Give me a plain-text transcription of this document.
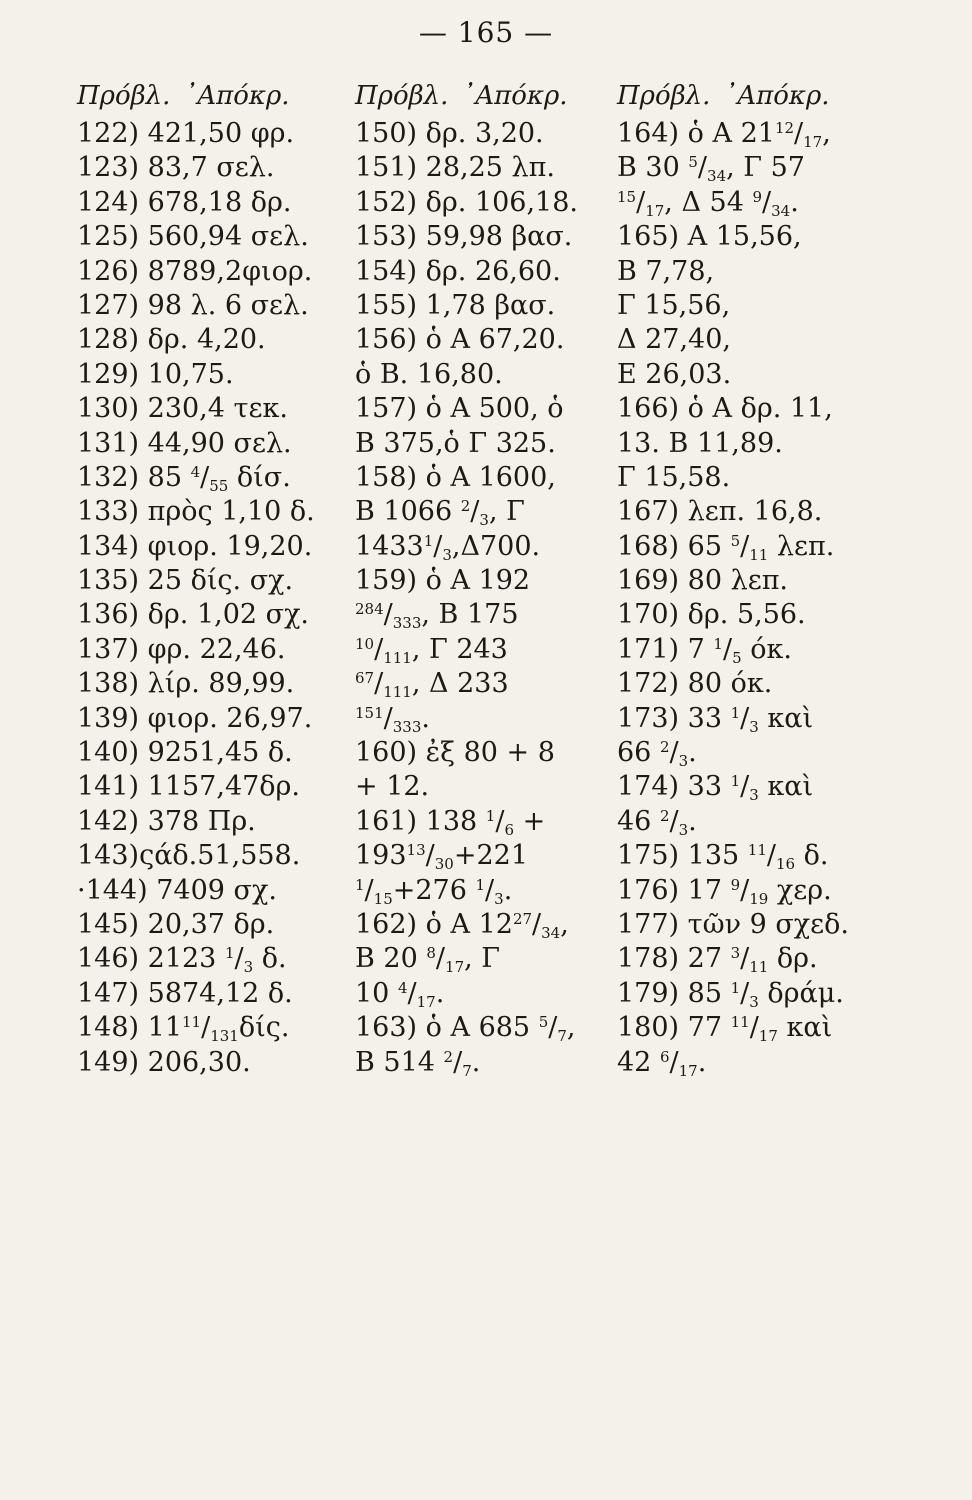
— 165 —
Πρόβλ. ᾿Απόκρ.
122) 421,50 φρ.
123) 83,7 σελ.
124) 678,18 δρ.
125) 560,94 σελ.
126) 8789,2φιορ.
127) 98 λ. 6 σελ.
128) δρ. 4,20.
129) 10,75.
130) 230,4 τεκ.
131) 44,90 σελ.
132) 85 $^4/_{55}$ δίσ.
133) πρὸς 1,10 δ.
134) φιορ. 19,20.
135) 25 δίς. σχ.
136) δρ. 1,02 σχ.
137) φρ. 22,46.
138) λίρ. 89,99.
139) φιορ. 26,97.
140) 9251,45 δ.
141) 1157,47δρ.
142) 378 Πρ.
143)ςάδ.51,558.
·144) 7409 σχ.
145) 20,37 δρ.
146) 2123 $^1/_3$ δ.
147) 5874,12 δ.
148) $11^{11}/_{131}\delta ί\varsigma$.
149) 206,30.
Πρόβλ. ᾿Απόκρ.
150) δρ. 3,20.
151) 28,25 λπ.
152) δρ. 106,18.
153) 59,98 βασ.
154) δρ. 26,60.
155) 1,78 βασ.
156) ὁ Α 67,20.
ὁ Β. 16,80.
157) ὁ Α 500, ὁ
Β 375,ὁ Γ 325.
158) ὁ Α 1600,
Β 1066 $^2/_3$, Γ
$1433^1/_3,\Delta 700$.
159) ὁ Α 192
$^{284}/_{333}$, Β 175
$^{10}/_{111}$, Γ 243
$^{67}/_{111}$, Δ 233
$^{151}/_{333}$.
160) ἐξ 80 + 8
+ 12.
161) 138 $^1/_6$ +
$193^{13}/_{30}+221$
$^1/_{15}+276$ $^1/_3$.
162) ὁ Α $12^{27}/_{34}$,
Β 20 $^8/_{17}$, Γ
10 $^4/_{17}$.
163) ὁ Α 685 $^5/_7$,
Β 514 $^2/_7$.
Πρόβλ. ᾿Απόκρ.
164) ὁ Α $21^{12}/_{17}$,
Β 30 $^5/_{34}$, Γ 57
$^{15}/_{17}$, Δ 54 $^9/_{34}$.
165) Α 15,56,
Β 7,78,
Γ 15,56,
Δ 27,40,
Ε 26,03.
166) ὁ Α δρ. 11,
13. Β 11,89.
Γ 15,58.
167) λεπ. 16,8.
168) 65 $^5/_{11}$ λεπ.
169) 80 λεπ.
170) δρ. 5,56.
171) 7 $^1/_5$ όκ.
172) 80 όκ.
173) 33 $^1/_3$ καὶ
66 $^2/_3$.
174) 33 $^1/_3$ καὶ
46 $^2/_3$.
175) 135 $^{11}/_{16}$ δ.
176) 17 $^9/_{19}$ χερ.
177) τῶν 9 σχεδ.
178) 27 $^3/_{11}$ δρ.
179) 85 $^1/_3$ δράμ.
180) 77 $^{11}/_{17}$ καὶ
42 $^6/_{17}$.
